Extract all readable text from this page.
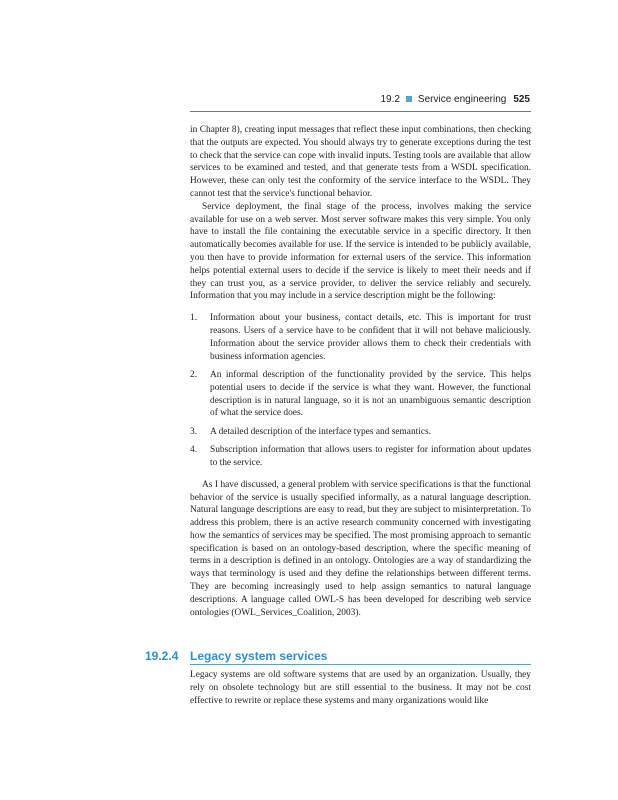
19.2 Service engineering 525

in Chapter 8), creating input messages that reflect these input combinations, then checking that the outputs are expected. You should always try to generate exceptions during the test to check that the service can cope with invalid inputs. Testing tools are available that allow services to be examined and tested, and that generate tests from a WSDL specification. However, these can only test the conformity of the service interface to the WSDL. They cannot test that the service's functional behavior.

Service deployment, the final stage of the process, involves making the service available for use on a web server. Most server software makes this very simple. You only have to install the file containing the executable service in a specific directory. It then automatically becomes available for use. If the service is intended to be publicly available, you then have to provide information for external users of the service. This information helps potential external users to decide if the service is likely to meet their needs and if they can trust you, as a service provider, to deliver the service reliably and securely. Information that you may include in a service description might be the following:

1. Information about your business, contact details, etc. This is important for trust reasons. Users of a service have to be confident that it will not behave maliciously. Information about the service provider allows them to check their credentials with business information agencies.
2. An informal description of the functionality provided by the service. This helps potential users to decide if the service is what they want. However, the functional description is in natural language, so it is not an unambiguous semantic description of what the service does.
3. A detailed description of the interface types and semantics.
4. Subscription information that allows users to register for information about updates to the service.

As I have discussed, a general problem with service specifications is that the functional behavior of the service is usually specified informally, as a natural language description. Natural language descriptions are easy to read, but they are subject to misinterpretation. To address this problem, there is an active research community concerned with investigating how the semantics of services may be specified. The most promising approach to semantic specification is based on an ontology-based description, where the specific meaning of terms in a description is defined in an ontology. Ontologies are a way of standardizing the ways that terminology is used and they define the relationships between different terms. They are becoming increasingly used to help assign semantics to natural language descriptions. A language called OWL-S has been developed for describing web service ontologies (OWL_Services_Coalition, 2003).

19.2.4 Legacy system services

Legacy systems are old software systems that are used by an organization. Usually, they rely on obsolete technology but are still essential to the business. It may not be cost effective to rewrite or replace these systems and many organizations would like
